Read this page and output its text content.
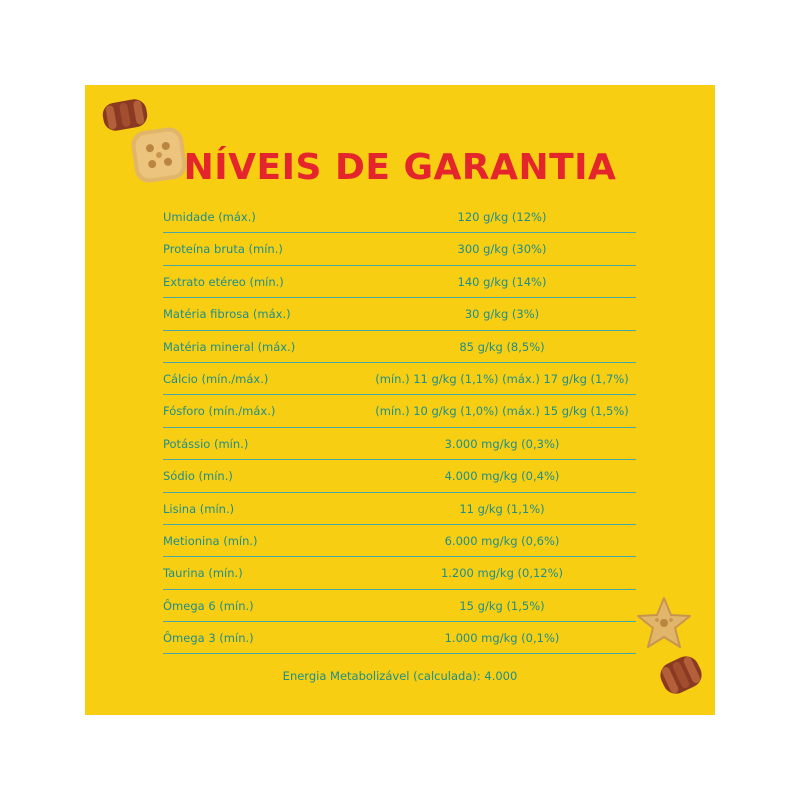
NÍVEIS DE GARANTIA
Umidade (máx.)	120 g/kg (12%)
Proteína bruta (mín.)	300 g/kg (30%)
Extrato etéreo (mín.)	140 g/kg (14%)
Matéria fibrosa (máx.)	30 g/kg (3%)
Matéria mineral (máx.)	85 g/kg (8,5%)
Cálcio (mín./máx.)	(mín.) 11 g/kg (1,1%) (máx.) 17 g/kg (1,7%)
Fósforo (mín./máx.)	(mín.) 10 g/kg (1,0%) (máx.) 15 g/kg (1,5%)
Potássio (mín.)	3.000 mg/kg (0,3%)
Sódio (mín.)	4.000 mg/kg (0,4%)
Lisina (mín.)	11 g/kg (1,1%)
Metionina (mín.)	6.000 mg/kg (0,6%)
Taurina (mín.)	1.200 mg/kg (0,12%)
Ômega 6 (mín.)	15 g/kg (1,5%)
Ômega 3 (mín.)	1.000 mg/kg (0,1%)
Energia Metabolizável (calculada): 4.000
